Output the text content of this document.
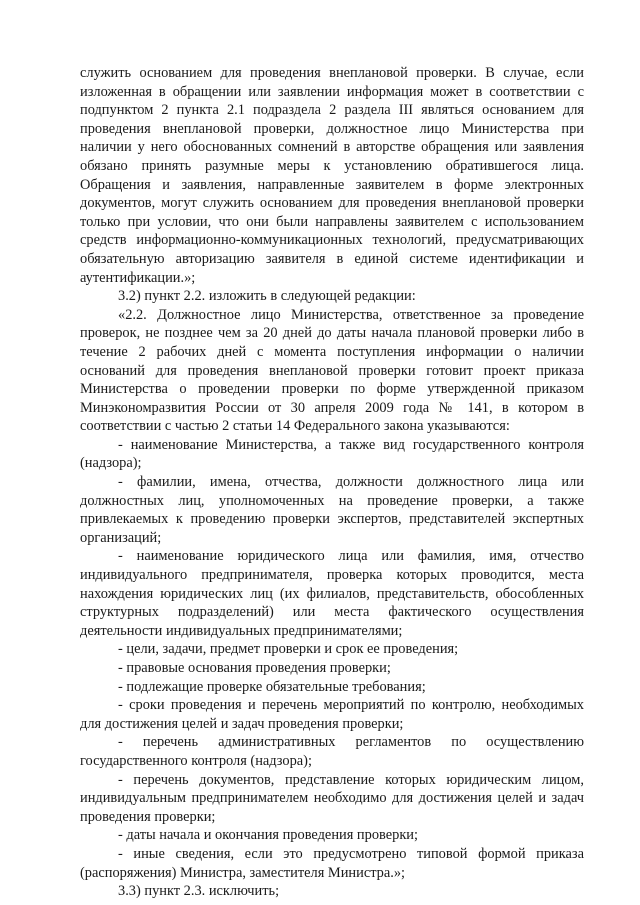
служить основанием для проведения внеплановой проверки. В случае, если изложенная в обращении или заявлении информация может в соответствии с подпунктом 2 пункта 2.1 подраздела 2 раздела III являться основанием для проведения внеплановой проверки, должностное лицо Министерства при наличии у него обоснованных сомнений в авторстве обращения или заявления обязано принять разумные меры к установлению обратившегося лица. Обращения и заявления, направленные заявителем в форме электронных документов, могут служить основанием для проведения внеплановой проверки только при условии, что они были направлены заявителем с использованием средств информационно-коммуникационных технологий, предусматривающих обязательную авторизацию заявителя в единой системе идентификации и аутентификации.»;

3.2) пункт 2.2. изложить в следующей редакции:

«2.2. Должностное лицо Министерства, ответственное за проведение проверок, не позднее чем за 20 дней до даты начала плановой проверки либо в течение 2 рабочих дней с момента поступления информации о наличии оснований для проведения внеплановой проверки готовит проект приказа Министерства о проведении проверки по форме утвержденной приказом Минэкономразвития России от 30 апреля 2009 года № 141, в котором в соответствии с частью 2 статьи 14 Федерального закона указываются:

- наименование Министерства, а также вид государственного контроля (надзора);

- фамилии, имена, отчества, должности должностного лица или должностных лиц, уполномоченных на проведение проверки, а также привлекаемых к проведению проверки экспертов, представителей экспертных организаций;

- наименование юридического лица или фамилия, имя, отчество индивидуального предпринимателя, проверка которых проводится, места нахождения юридических лиц (их филиалов, представительств, обособленных структурных подразделений) или места фактического осуществления деятельности индивидуальных предпринимателями;

- цели, задачи, предмет проверки и срок ее проведения;

- правовые основания проведения проверки;

- подлежащие проверке обязательные требования;

- сроки проведения и перечень мероприятий по контролю, необходимых для достижения целей и задач проведения проверки;

- перечень административных регламентов по осуществлению государственного контроля (надзора);

- перечень документов, представление которых юридическим лицом, индивидуальным предпринимателем необходимо для достижения целей и задач проведения проверки;

- даты начала и окончания проведения проверки;

- иные сведения, если это предусмотрено типовой формой приказа (распоряжения) Министра, заместителя Министра.»;

3.3) пункт 2.3. исключить;
